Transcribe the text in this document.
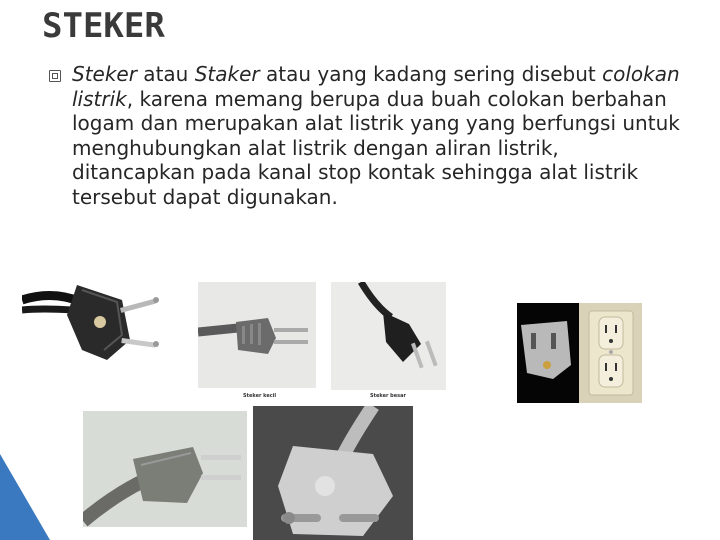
STEKER
Steker atau Staker atau yang kadang sering disebut colokan listrik, karena memang berupa dua buah colokan berbahan logam dan merupakan alat listrik yang yang berfungsi untuk menghubungkan alat listrik dengan aliran listrik, ditancapkan pada kanal stop kontak sehingga alat listrik tersebut dapat digunakan.
Steker kecil	Steker besar
